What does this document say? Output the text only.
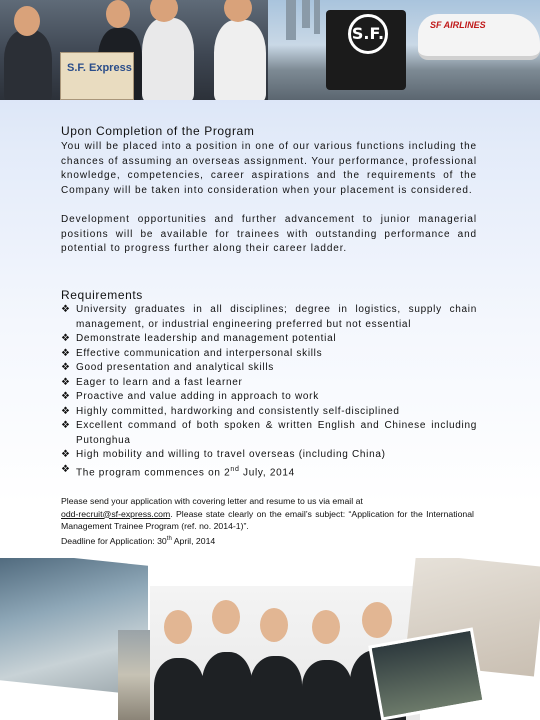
S.F. Express
S.F.	SF AIRLINES
Upon Completion of the Program
You will be placed into a position in one of our various functions including the chances of assuming an overseas assignment. Your performance, professional knowledge, competencies, career aspirations and the requirements of the Company will be taken into consideration when your placement is considered.
Development opportunities and further advancement to junior managerial positions will be available for trainees with outstanding performance and potential to progress further along their career ladder.
Requirements
❖ University graduates in all disciplines; degree in logistics, supply chain management, or industrial engineering preferred but not essential
❖ Demonstrate leadership and management potential
❖ Effective communication and interpersonal skills
❖ Good presentation and analytical skills
❖ Eager to learn and a fast learner
❖ Proactive and value adding in approach to work
❖ Highly committed, hardworking and consistently self-disciplined
❖ Excellent command of both spoken & written English and Chinese including Putonghua
❖ High mobility and willing to travel overseas (including China)
❖ The program commences on 2nd July, 2014
Please send your application with covering letter and resume to us via email at
odd-recruit@sf-express.com. Please state clearly on the email’s subject: “Application for the International Management Trainee Program (ref. no. 2014-1)”.
Deadline for Application: 30th April, 2014
